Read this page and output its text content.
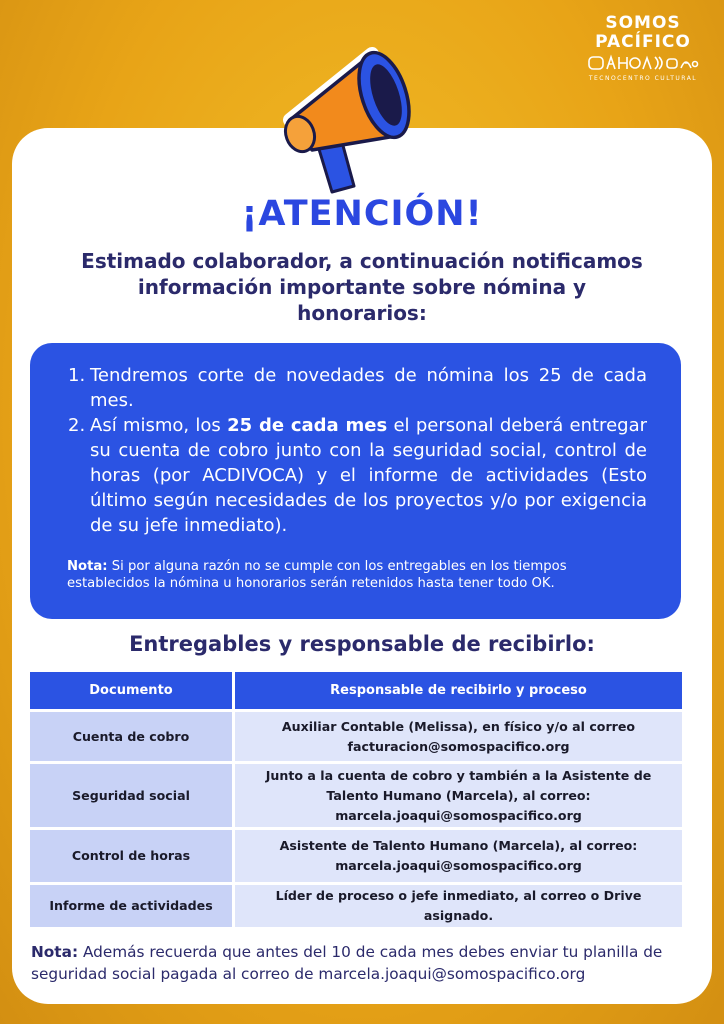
SOMOS
PACÍFICO
TECNOCENTRO CULTURAL
¡ATENCIÓN!
Estimado colaborador, a continuación notificamos información importante sobre nómina y honorarios:
1. Tendremos corte de novedades de nómina los 25 de cada mes.
2. Así mismo, los 25 de cada mes el personal deberá entregar su cuenta de cobro junto con la seguridad social, control de horas (por ACDIVOCA) y el informe de actividades (Esto último según necesidades de los proyectos y/o por exigencia de su jefe inmediato).

Nota: Si por alguna razón no se cumple con los entregables en los tiempos establecidos la nómina u honorarios serán retenidos hasta tener todo OK.

Entregables y responsable de recibirlo:
Documento	Responsable de recibirlo y proceso
Cuenta de cobro	Auxiliar Contable (Melissa), en físico y/o al correo facturacion@somospacifico.org
Seguridad social	Junto a la cuenta de cobro y también a la Asistente de Talento Humano (Marcela), al correo: marcela.joaqui@somospacifico.org
Control de horas	Asistente de Talento Humano (Marcela), al correo: marcela.joaqui@somospacifico.org
Informe de actividades	Líder de proceso o jefe inmediato, al correo o Drive asignado.

Nota: Además recuerda que antes del 10 de cada mes debes enviar tu planilla de seguridad social pagada al correo de marcela.joaqui@somospacifico.org
